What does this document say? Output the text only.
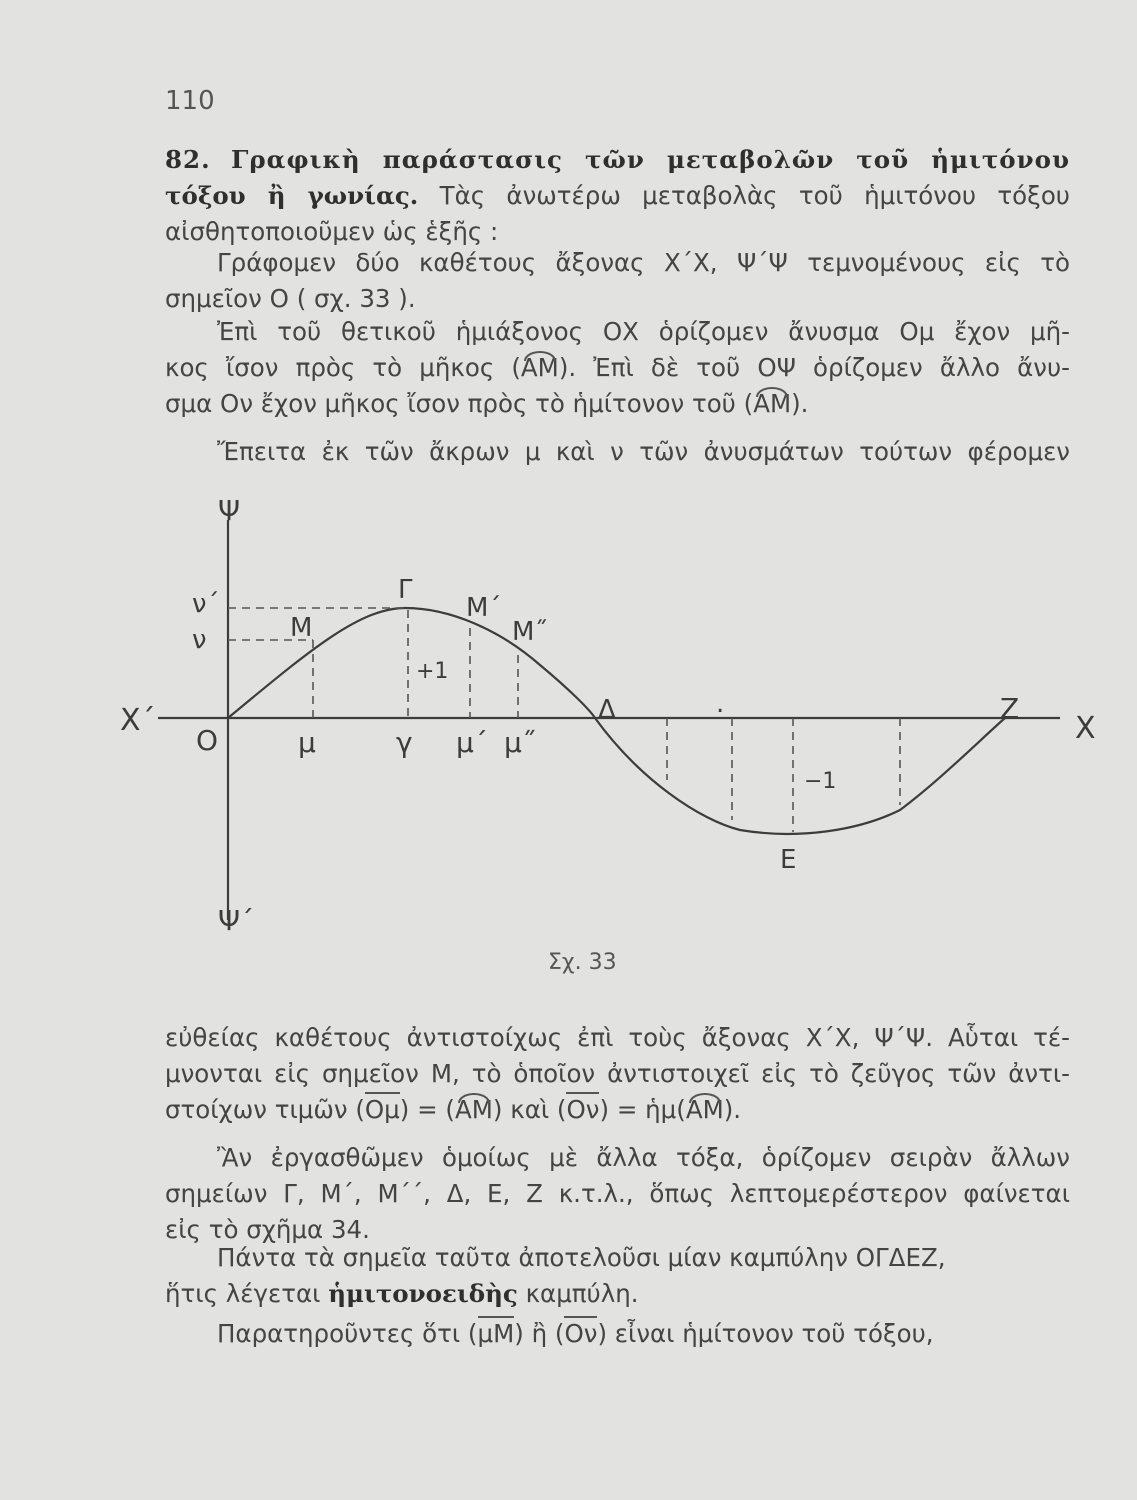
110
82. Γραφικὴ παράστασις τῶν μεταβολῶν τοῦ ἡμιτόνου
τόξου ἢ γωνίας. Τὰς ἀνωτέρω μεταβολὰς τοῦ ἡμιτόνου τόξου
αἰσθητοποιοῦμεν ὡς ἑξῆς :
Γράφομεν δύο καθέτους ἄξονας Χ΄Χ, Ψ΄Ψ τεμνομένους εἰς τὸ
σημεῖον Ο ( σχ. 33 ).
Ἐπὶ τοῦ θετικοῦ ἡμιάξονος ΟΧ ὁρίζομεν ἄνυσμα Ομ ἔχον μῆ-
κος ἴσον πρὸς τὸ μῆκος (ΑΜ). Ἐπὶ δὲ τοῦ ΟΨ ὁρίζομεν ἄλλο ἄνυ-
σμα Ον ἔχον μῆκος ἴσον πρὸς τὸ ἡμίτονον τοῦ (ΑΜ).
Ἔπειτα ἐκ τῶν ἄκρων μ καὶ ν τῶν ἀνυσμάτων τούτων φέρομεν
Ψ
Ψ΄
Χ΄	Χ
Ο
ν΄
ν
Γ
Μ
Μ΄
Μ˝
+1
μ	γ μ΄ μ˝
Δ	.	Ζ
−1
Ε
Σχ. 33
εὐθείας καθέτους ἀντιστοίχως ἐπὶ τοὺς ἄξονας Χ΄Χ, Ψ΄Ψ. Αὗται τέ-
μνονται εἰς σημεῖον Μ, τὸ ὁποῖον ἀντιστοιχεῖ εἰς τὸ ζεῦγος τῶν ἀντι-
στοίχων τιμῶν (Ομ) = (ΑΜ) καὶ (Ον) = ἡμ(ΑΜ).
Ἂν ἐργασθῶμεν ὁμοίως μὲ ἄλλα τόξα, ὁρίζομεν σειρὰν ἄλλων
σημείων Γ, Μ΄, Μ΄΄, Δ, Ε, Ζ κ.τ.λ., ὅπως λεπτομερέστερον φαίνεται
εἰς τὸ σχῆμα 34.
Πάντα τὰ σημεῖα ταῦτα ἀποτελοῦσι μίαν καμπύλην ΟΓΔΕΖ,
ἥτις λέγεται ἡμιτονοειδὴς καμπύλη.
Παρατηροῦντες ὅτι (μΜ) ἢ (Ον) εἶναι ἡμίτονον τοῦ τόξου,
